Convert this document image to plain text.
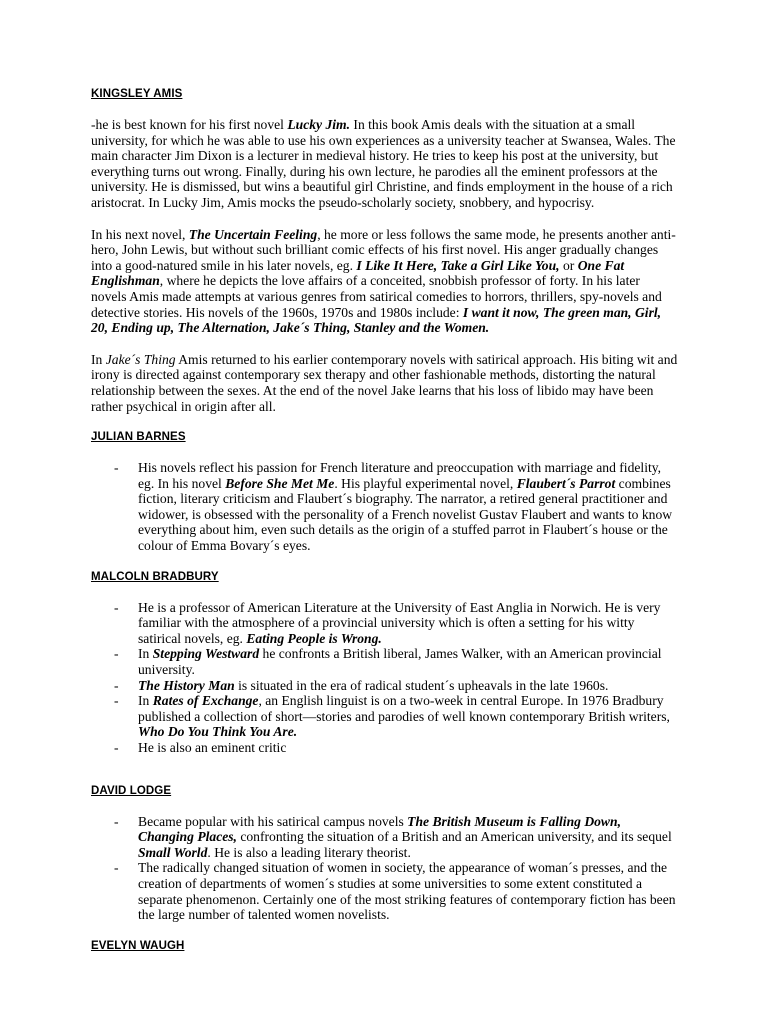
KINGSLEY AMIS

-he is best known for his first novel Lucky Jim. In this book Amis deals with the situation at a small university, for which he was able to use his own experiences as a university teacher at Swansea, Wales. The main character Jim Dixon is a lecturer in medieval history. He tries to keep his post at the university, but everything turns out wrong. Finally, during his own lecture, he parodies all the eminent professors at the university. He is dismissed, but wins a beautiful girl Christine, and finds employment in the house of a rich aristocrat. In Lucky Jim, Amis mocks the pseudo-scholarly society, snobbery, and hypocrisy.

In his next novel, The Uncertain Feeling, he more or less follows the same mode, he presents another anti-hero, John Lewis, but without such brilliant comic effects of his first novel. His anger gradually changes into a good-natured smile in his later novels, eg. I Like It Here, Take a Girl Like You, or One Fat Englishman, where he depicts the love affairs of a conceited, snobbish professor of forty. In his later novels Amis made attempts at various genres from satirical comedies to horrors, thrillers, spy-novels and detective stories. His novels of the 1960s, 1970s and 1980s include: I want it now, The green man, Girl, 20, Ending up, The Alternation, Jake´s Thing, Stanley and the Women.

In Jake´s Thing Amis returned to his earlier contemporary novels with satirical approach. His biting wit and irony is directed against contemporary sex therapy and other fashionable methods, distorting the natural relationship between the sexes. At the end of the novel Jake learns that his loss of libido may have been rather psychical in origin after all.

JULIAN BARNES
- His novels reflect his passion for French literature and preoccupation with marriage and fidelity, eg. In his novel Before She Met Me. His playful experimental novel, Flaubert´s Parrot combines fiction, literary criticism and Flaubert´s biography. The narrator, a retired general practitioner and widower, is obsessed with the personality of a French novelist Gustav Flaubert and wants to know everything about him, even such details as the origin of a stuffed parrot in Flaubert´s house or the colour of Emma Bovary´s eyes.
MALCOLN BRADBURY
- He is a professor of American Literature at the University of East Anglia in Norwich. He is very familiar with the atmosphere of a provincial university which is often a setting for his witty satirical novels, eg. Eating People is Wrong.
- In Stepping Westward he confronts a British liberal, James Walker, with an American provincial university.
- The History Man is situated in the era of radical student´s upheavals in the late 1960s.
- In Rates of Exchange, an English linguist is on a two-week in central Europe. In 1976 Bradbury published a collection of short—stories and parodies of well known contemporary British writers, Who Do You Think You Are.
- He is also an eminent critic
DAVID LODGE
- Became popular with his satirical campus novels The British Museum is Falling Down, Changing Places, confronting the situation of a British and an American university, and its sequel Small World. He is also a leading literary theorist.
- The radically changed situation of women in society, the appearance of woman´s presses, and the creation of departments of women´s studies at some universities to some extent constituted a separate phenomenon. Certainly one of the most striking features of contemporary fiction has been the large number of talented women novelists.
EVELYN WAUGH
